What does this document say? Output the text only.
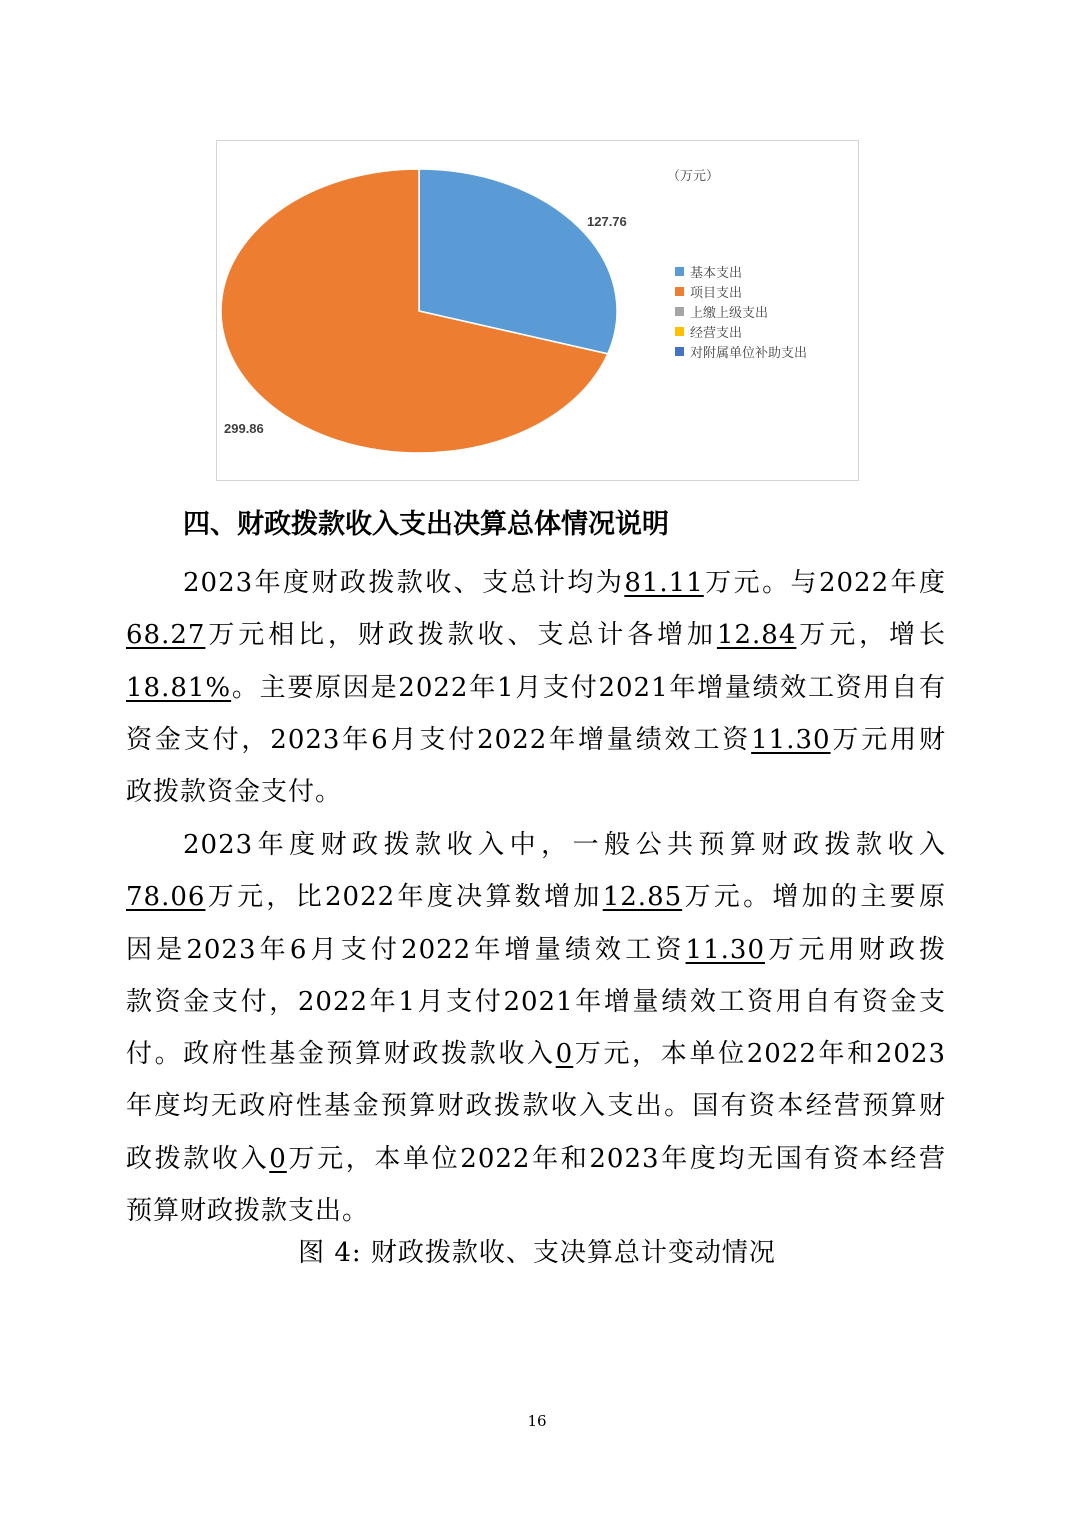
127.76
299.86
（万元）
基本支出
项目支出
上缴上级支出
经营支出
对附属单位补助支出
四、财政拨款收入支出决算总体情况说明
2023年度财政拨款收、支总计均为81.11万元。与2022年度
68.27万元相比，财政拨款收、支总计各增加12.84万元，增长
18.81%。主要原因是2022年1月支付2021年增量绩效工资用自有
资金支付，2023年6月支付2022年增量绩效工资11.30万元用财
政拨款资金支付。
2023年度财政拨款收入中，一般公共预算财政拨款收入
78.06万元，比2022年度决算数增加12.85万元。增加的主要原
因是2023年6月支付2022年增量绩效工资11.30万元用财政拨
款资金支付，2022年1月支付2021年增量绩效工资用自有资金支
付。政府性基金预算财政拨款收入0万元，本单位2022年和2023
年度均无政府性基金预算财政拨款收入支出。国有资本经营预算财
政拨款收入0万元，本单位2022年和2023年度均无国有资本经营
预算财政拨款支出。
图 4: 财政拨款收、支决算总计变动情况
16
